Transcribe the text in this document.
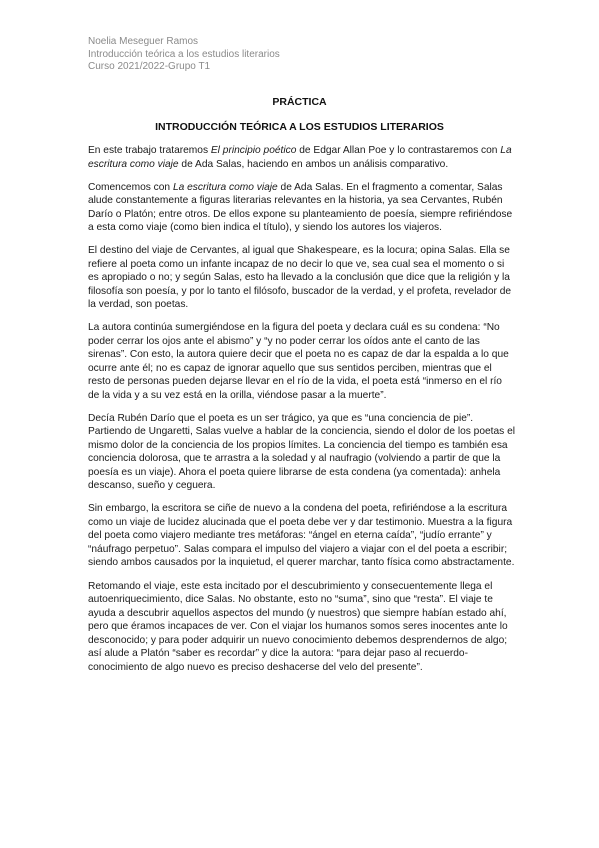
Noelia Meseguer Ramos
Introducción teórica a los estudios literarios
Curso 2021/2022-Grupo T1
PRÁCTICA
INTRODUCCIÓN TEÓRICA A LOS ESTUDIOS LITERARIOS

En este trabajo trataremos El principio poético de Edgar Allan Poe y lo contrastaremos con La escritura como viaje de Ada Salas, haciendo en ambos un análisis comparativo.

Comencemos con La escritura como viaje de Ada Salas. En el fragmento a comentar, Salas alude constantemente a figuras literarias relevantes en la historia, ya sea Cervantes, Rubén Darío o Platón; entre otros. De ellos expone su planteamiento de poesía, siempre refiriéndose a esta como viaje (como bien indica el título), y siendo los autores los viajeros.

El destino del viaje de Cervantes, al igual que Shakespeare, es la locura; opina Salas. Ella se refiere al poeta como un infante incapaz de no decir lo que ve, sea cual sea el momento o si es apropiado o no; y según Salas, esto ha llevado a la conclusión que dice que la religión y la filosofía son poesía, y por lo tanto el filósofo, buscador de la verdad, y el profeta, revelador de la verdad, son poetas.

La autora continúa sumergiéndose en la figura del poeta y declara cuál es su condena: “No poder cerrar los ojos ante el abismo” y “y no poder cerrar los oídos ante el canto de las sirenas”. Con esto, la autora quiere decir que el poeta no es capaz de dar la espalda a lo que ocurre ante él; no es capaz de ignorar aquello que sus sentidos perciben, mientras que el resto de personas pueden dejarse llevar en el río de la vida, el poeta está “inmerso en el río de la vida y a su vez está en la orilla, viéndose pasar a la muerte”.

Decía Rubén Darío que el poeta es un ser trágico, ya que es “una conciencia de pie”. Partiendo de Ungaretti, Salas vuelve a hablar de la conciencia, siendo el dolor de los poetas el mismo dolor de la conciencia de los propios límites. La conciencia del tiempo es también esa conciencia dolorosa, que te arrastra a la soledad y al naufragio (volviendo a partir de que la poesía es un viaje). Ahora el poeta quiere librarse de esta condena (ya comentada): anhela descanso, sueño y ceguera.

Sin embargo, la escritora se ciñe de nuevo a la condena del poeta, refiriéndose a la escritura como un viaje de lucidez alucinada que el poeta debe ver y dar testimonio. Muestra a la figura del poeta como viajero mediante tres metáforas: “ángel en eterna caída”, “judío errante” y “náufrago perpetuo”. Salas compara el impulso del viajero a viajar con el del poeta a escribir; siendo ambos causados por la inquietud, el querer marchar, tanto física como abstractamente.

Retomando el viaje, este esta incitado por el descubrimiento y consecuentemente llega el autoenriquecimiento, dice Salas. No obstante, esto no “suma”, sino que “resta”. El viaje te ayuda a descubrir aquellos aspectos del mundo (y nuestros) que siempre habían estado ahí, pero que éramos incapaces de ver. Con el viajar los humanos somos seres inocentes ante lo desconocido; y para poder adquirir un nuevo conocimiento debemos desprendernos de algo; así alude a Platón “saber es recordar” y dice la autora: “para dejar paso al recuerdo-conocimiento de algo nuevo es preciso deshacerse del velo del presente”.
